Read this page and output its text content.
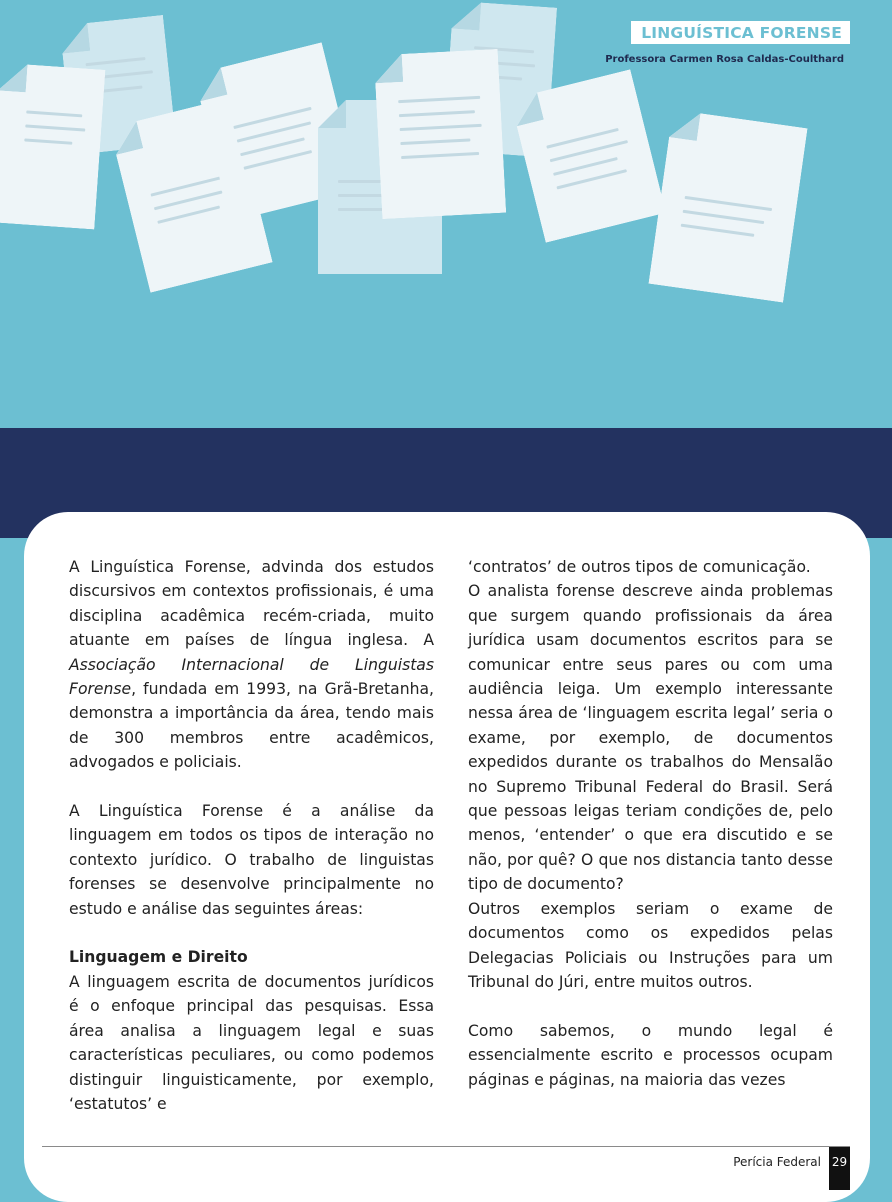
LINGUÍSTICA FORENSE
Professora Carmen Rosa Caldas-Coulthard

A Linguística Forense, advinda dos estudos discursivos em contextos profissionais, é uma disciplina acadêmica recém-criada, muito atuante em países de língua inglesa. A Associação Internacional de Linguistas Forense, fundada em 1993, na Grã-Bretanha, demonstra a importância da área, tendo mais de 300 membros entre acadêmicos, advogados e policiais.

A Linguística Forense é a análise da linguagem em todos os tipos de interação no contexto jurídico. O trabalho de linguistas forenses se desenvolve principalmente no estudo e análise das seguintes áreas:

Linguagem e Direito

A linguagem escrita de documentos jurídicos é o enfoque principal das pesquisas. Essa área analisa a linguagem legal e suas características peculiares, ou como podemos distinguir linguisticamente, por exemplo, ‘estatutos’ e

‘contratos’ de outros tipos de comunicação.

O analista forense descreve ainda problemas que surgem quando profissionais da área jurídica usam documentos escritos para se comunicar entre seus pares ou com uma audiência leiga. Um exemplo interessante nessa área de ‘linguagem escrita legal’ seria o exame, por exemplo, de documentos expedidos durante os trabalhos do Mensalão no Supremo Tribunal Federal do Brasil. Será que pessoas leigas teriam condições de, pelo menos, ‘entender’ o que era discutido e se não, por quê? O que nos distancia tanto desse tipo de documento?

Outros exemplos seriam o exame de documentos como os expedidos pelas Delegacias Policiais ou Instruções para um Tribunal do Júri, entre muitos outros.

Como sabemos, o mundo legal é essencialmente escrito e processos ocupam páginas e páginas, na maioria das vezes

Perícia Federal 29
